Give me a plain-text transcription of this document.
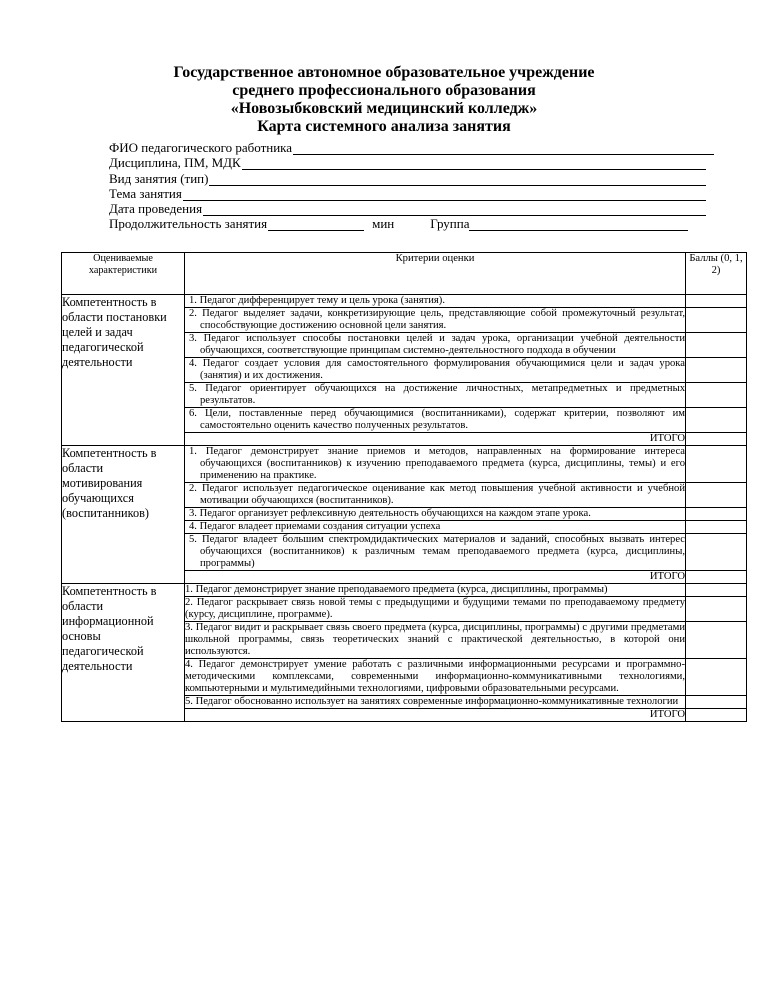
Государственное автономное образовательное учреждение
среднего профессионального образования
«Новозыбковский медицинский колледж»
Карта системного анализа занятия
ФИО педагогического работника
Дисциплина, ПМ, МДК
Вид занятия (тип)
Тема занятия
Дата проведения
Продолжительность занятия	мин	Группа
Оцениваемые характеристики	Критерии оценки	Баллы (0, 1, 2)
Компетентность в области постановки целей и задач педагогической деятельности	1. Педагог дифференцирует тему и цель урока (занятия).	
	2. Педагог выделяет задачи, конкретизирующие цель, представляющие собой промежуточный результат, способствующие достижению основной цели занятия.	
	3. Педагог использует способы постановки целей и задач урока, организации учебной деятельности обучающихся, соответствующие принципам системно-деятельностного подхода в обучении	
	4. Педагог создает условия для самостоятельного формулирования обучающимися цели и задач урока (занятия) и их достижения.	
	5. Педагог ориентирует обучающихся на достижение личностных, метапредметных и предметных результатов.	
	6. Цели, поставленные перед обучающимися (воспитанниками), содержат критерии, позволяют им самостоятельно оценить качество полученных результатов.	
	ИТОГО	
Компетентность в области мотивирования обучающихся (воспитанников)	1. Педагог демонстрирует знание приемов и методов, направленных на формирование интереса обучающихся (воспитанников) к изучению преподаваемого предмета (курса, дисциплины, темы) и его применению на практике.	
	2. Педагог использует педагогическое оценивание как метод повышения учебной активности и учебной мотивации обучающихся (воспитанников).	
	3. Педагог организует рефлексивную деятельность обучающихся на каждом этапе урока.	
	4. Педагог владеет приемами создания ситуации успеха	
	5. Педагог владеет большим спектромдидактических материалов и заданий, способных вызвать интерес обучающихся (воспитанников) к различным темам преподаваемого предмета (курса, дисциплины, программы)	
	ИТОГО	
Компетентность в области информационной основы педагогической деятельности	1. Педагог демонстрирует знание преподаваемого предмета (курса, дисциплины, программы)	
	2. Педагог раскрывает связь новой темы с предыдущими и будущими темами по преподаваемому предмету (курсу, дисциплине, программе).	
	3. Педагог видит и раскрывает связь своего предмета (курса, дисциплины, программы) с другими предметами школьной программы, связь теоретических знаний с практической деятельностью, в которой они используются.	
	4. Педагог демонстрирует умение работать с различными информационными ресурсами и программно-методическими комплексами, современными информационно-коммуникативными технологиями, компьютерными и мультимедийными технологиями, цифровыми образовательными ресурсами.	
	5. Педагог обоснованно использует на занятиях современные информационно-коммуникативные технологии	
	ИТОГО	
